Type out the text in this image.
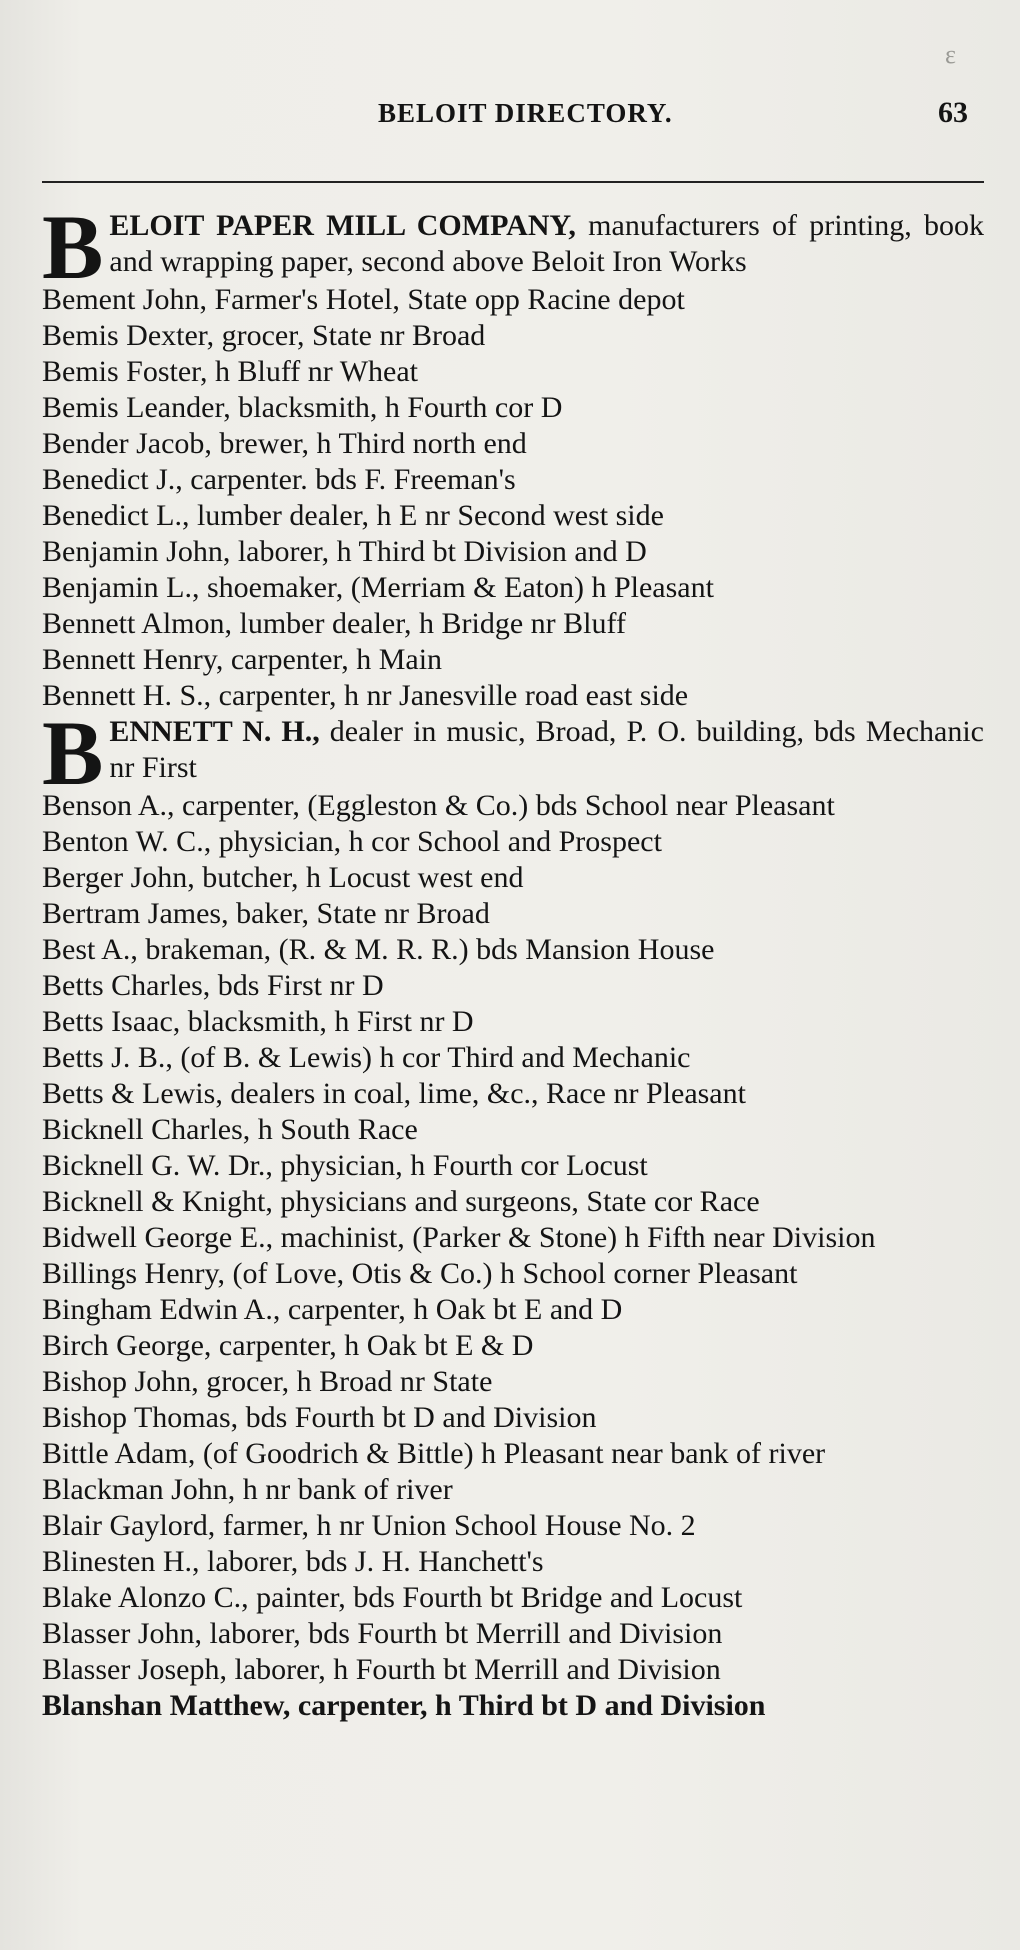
ε
BELOIT DIRECTORY.	63
BELOIT PAPER MILL COMPANY, manufacturers of printing, book and wrapping paper, second above Beloit Iron Works
Bement John, Farmer's Hotel, State opp Racine depot
Bemis Dexter, grocer, State nr Broad
Bemis Foster, h Bluff nr Wheat
Bemis Leander, blacksmith, h Fourth cor D
Bender Jacob, brewer, h Third north end
Benedict J., carpenter. bds F. Freeman's
Benedict L., lumber dealer, h E nr Second west side
Benjamin John, laborer, h Third bt Division and D
Benjamin L., shoemaker, (Merriam & Eaton) h Pleasant
Bennett Almon, lumber dealer, h Bridge nr Bluff
Bennett Henry, carpenter, h Main
Bennett H. S., carpenter, h nr Janesville road east side
BENNETT N. H., dealer in music, Broad, P. O. building, bds Mechanic nr First
Benson A., carpenter, (Eggleston & Co.) bds School near Pleasant
Benton W. C., physician, h cor School and Prospect
Berger John, butcher, h Locust west end
Bertram James, baker, State nr Broad
Best A., brakeman, (R. & M. R. R.) bds Mansion House
Betts Charles, bds First nr D
Betts Isaac, blacksmith, h First nr D
Betts J. B., (of B. & Lewis) h cor Third and Mechanic
Betts & Lewis, dealers in coal, lime, &c., Race nr Pleasant
Bicknell Charles, h South Race
Bicknell G. W. Dr., physician, h Fourth cor Locust
Bicknell & Knight, physicians and surgeons, State cor Race
Bidwell George E., machinist, (Parker & Stone) h Fifth near Division
Billings Henry, (of Love, Otis & Co.) h School corner Pleasant
Bingham Edwin A., carpenter, h Oak bt E and D
Birch George, carpenter, h Oak bt E & D
Bishop John, grocer, h Broad nr State
Bishop Thomas, bds Fourth bt D and Division
Bittle Adam, (of Goodrich & Bittle) h Pleasant near bank of river
Blackman John, h nr bank of river
Blair Gaylord, farmer, h nr Union School House No. 2
Blinesten H., laborer, bds J. H. Hanchett's
Blake Alonzo C., painter, bds Fourth bt Bridge and Locust
Blasser John, laborer, bds Fourth bt Merrill and Division
Blasser Joseph, laborer, h Fourth bt Merrill and Division
Blanshan Matthew, carpenter, h Third bt D and Division
